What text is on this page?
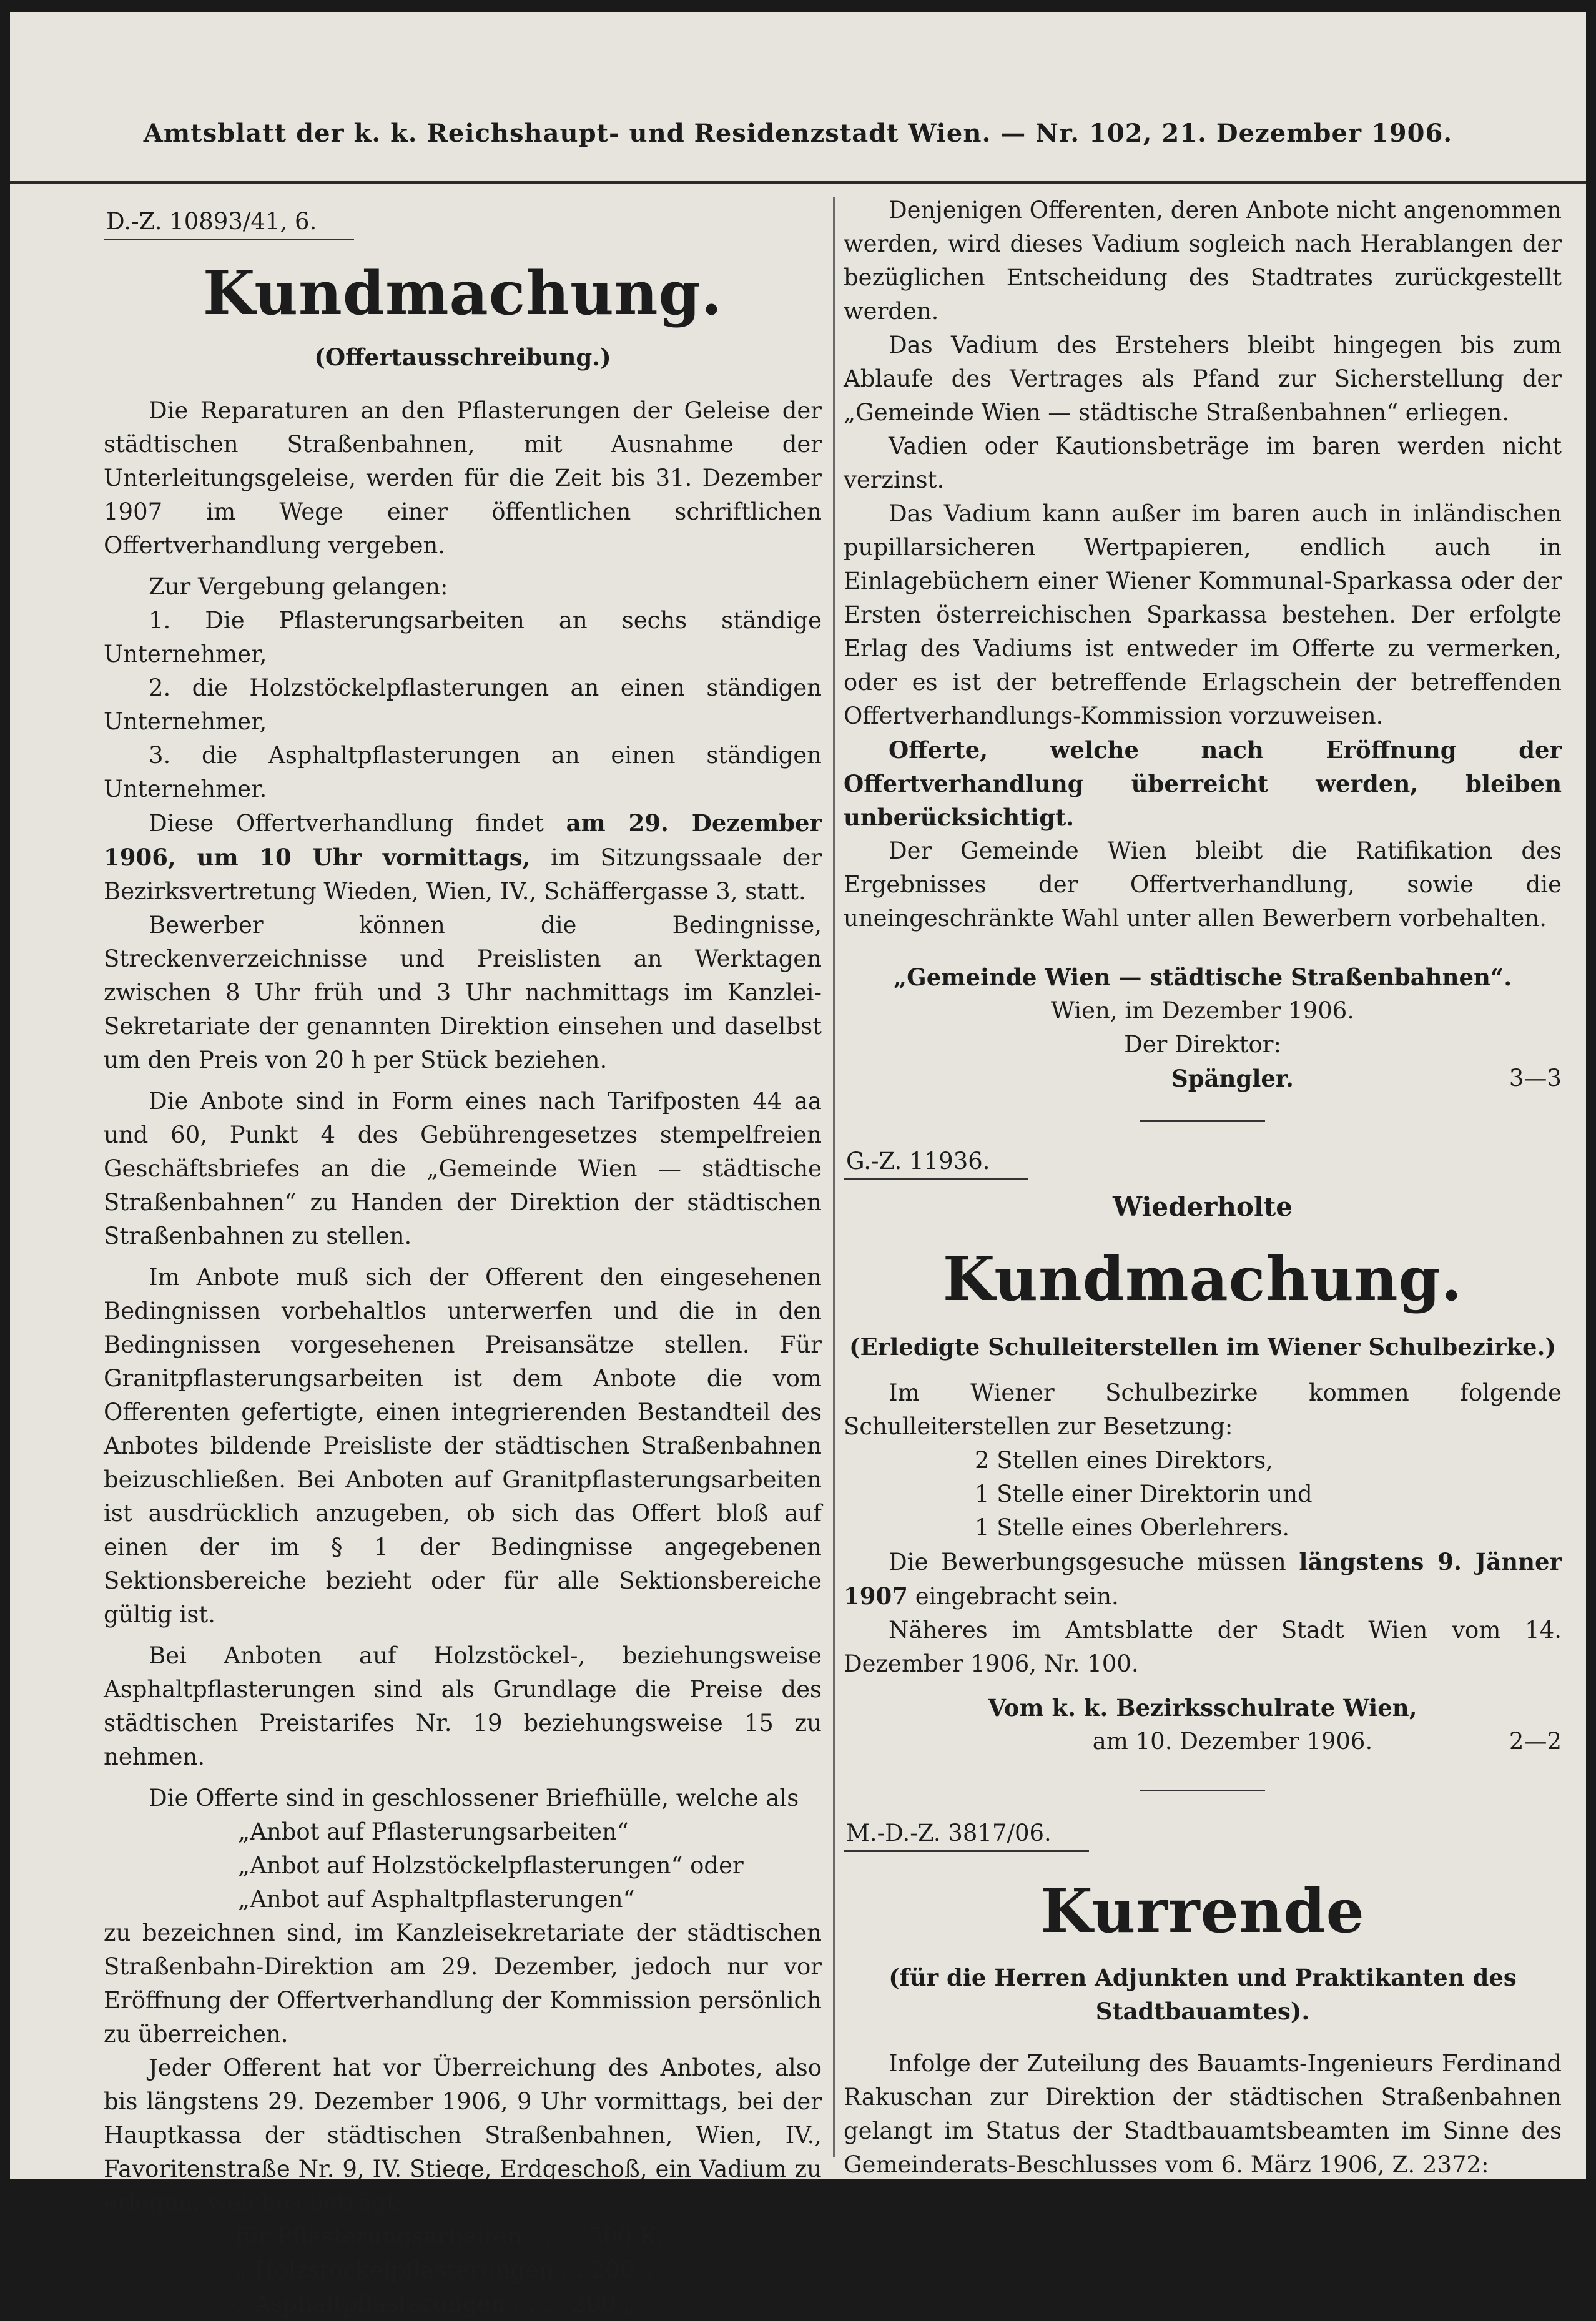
Amtsblatt der k. k. Reichshaupt- und Residenzstadt Wien. — Nr. 102, 21. Dezember 1906.
D.-Z. 10893/41, 6.
Kundmachung.
(Offertausschreibung.)
Die Reparaturen an den Pflasterungen der Geleise der städtischen Straßenbahnen, mit Ausnahme der Unterleitungsgeleise, werden für die Zeit bis 31. Dezember 1907 im Wege einer öffentlichen schriftlichen Offertverhandlung vergeben.
Zur Vergebung gelangen:
1. Die Pflasterungsarbeiten an sechs ständige Unternehmer,
2. die Holzstöckelpflasterungen an einen ständigen Unternehmer,
3. die Asphaltpflasterungen an einen ständigen Unternehmer.
Diese Offertverhandlung findet am 29. Dezember 1906, um 10 Uhr vormittags, im Sitzungssaale der Bezirksvertretung Wieden, Wien, IV., Schäffergasse 3, statt.
Bewerber können die Bedingnisse, Streckenverzeichnisse und Preislisten an Werktagen zwischen 8 Uhr früh und 3 Uhr nachmittags im Kanzlei-Sekretariate der genannten Direktion einsehen und daselbst um den Preis von 20 h per Stück beziehen.
Die Anbote sind in Form eines nach Tarifposten 44 aa und 60, Punkt 4 des Gebührengesetzes stempelfreien Geschäftsbriefes an die „Gemeinde Wien — städtische Straßenbahnen“ zu Handen der Direktion der städtischen Straßenbahnen zu stellen.
Im Anbote muß sich der Offerent den eingesehenen Bedingnissen vorbehaltlos unterwerfen und die in den Bedingnissen vorgesehenen Preisansätze stellen. Für Granitpflasterungsarbeiten ist dem Anbote die vom Offerenten gefertigte, einen integrierenden Bestandteil des Anbotes bildende Preisliste der städtischen Straßenbahnen beizuschließen. Bei Anboten auf Granitpflasterungsarbeiten ist ausdrücklich anzugeben, ob sich das Offert bloß auf einen der im § 1 der Bedingnisse angegebenen Sektionsbereiche bezieht oder für alle Sektionsbereiche gültig ist.
Bei Anboten auf Holzstöckel-, beziehungsweise Asphaltpflasterungen sind als Grundlage die Preise des städtischen Preistarifes Nr. 19 beziehungsweise 15 zu nehmen.
Die Offerte sind in geschlossener Briefhülle, welche als
„Anbot auf Pflasterungsarbeiten“
„Anbot auf Holzstöckelpflasterungen“ oder
„Anbot auf Asphaltpflasterungen“
zu bezeichnen sind, im Kanzleisekretariate der städtischen Straßenbahn-Direktion am 29. Dezember, jedoch nur vor Eröffnung der Offertverhandlung der Kommission persönlich zu überreichen.
Jeder Offerent hat vor Überreichung des Anbotes, also bis längstens 29. Dezember 1906, 9 Uhr vormittags, bei der Hauptkassa der städtischen Straßenbahnen, Wien, IV., Favoritenstraße Nr. 9, IV. Stiege, Erdgeschoß, ein Vadium zu erlegen, welches beträgt:
für Pflasterungsarbeiten . . . . 500 K,
„ Holzstöckelpflasterungen . . 200 „
„ Asphaltpflasterungen . . . . 200 „
Denjenigen Offerenten, deren Anbote nicht angenommen werden, wird dieses Vadium sogleich nach Herablangen der bezüglichen Entscheidung des Stadtrates zurückgestellt werden.
Das Vadium des Erstehers bleibt hingegen bis zum Ablaufe des Vertrages als Pfand zur Sicherstellung der „Gemeinde Wien — städtische Straßenbahnen“ erliegen.
Vadien oder Kautionsbeträge im baren werden nicht verzinst.
Das Vadium kann außer im baren auch in inländischen pupillarsicheren Wertpapieren, endlich auch in Einlagebüchern einer Wiener Kommunal-Sparkassa oder der Ersten österreichischen Sparkassa bestehen. Der erfolgte Erlag des Vadiums ist entweder im Offerte zu vermerken, oder es ist der betreffende Erlagschein der betreffenden Offertverhandlungs-Kommission vorzuweisen.
Offerte, welche nach Eröffnung der Offertverhandlung überreicht werden, bleiben unberücksichtigt.
Der Gemeinde Wien bleibt die Ratifikation des Ergebnisses der Offertverhandlung, sowie die uneingeschränkte Wahl unter allen Bewerbern vorbehalten.
„Gemeinde Wien — städtische Straßenbahnen“.
Wien, im Dezember 1906.
Der Direktor:
Spängler.	3—3
G.-Z. 11936.
Wiederholte
Kundmachung.
(Erledigte Schulleiterstellen im Wiener Schulbezirke.)
Im Wiener Schulbezirke kommen folgende Schulleiterstellen zur Besetzung:
2 Stellen eines Direktors,
1 Stelle einer Direktorin und
1 Stelle eines Oberlehrers.
Die Bewerbungsgesuche müssen längstens 9. Jänner 1907 eingebracht sein.
Näheres im Amtsblatte der Stadt Wien vom 14. Dezember 1906, Nr. 100.
Vom k. k. Bezirksschulrate Wien,
am 10. Dezember 1906.	2—2
M.-D.-Z. 3817/06.
Kurrende
(für die Herren Adjunkten und Praktikanten des Stadtbauamtes).
Infolge der Zuteilung des Bauamts-Ingenieurs Ferdinand Rakuschan zur Direktion der städtischen Straßenbahnen gelangt im Status der Stadtbauamtsbeamten im Sinne des Gemeinderats-Beschlusses vom 6. März 1906, Z. 2372:
